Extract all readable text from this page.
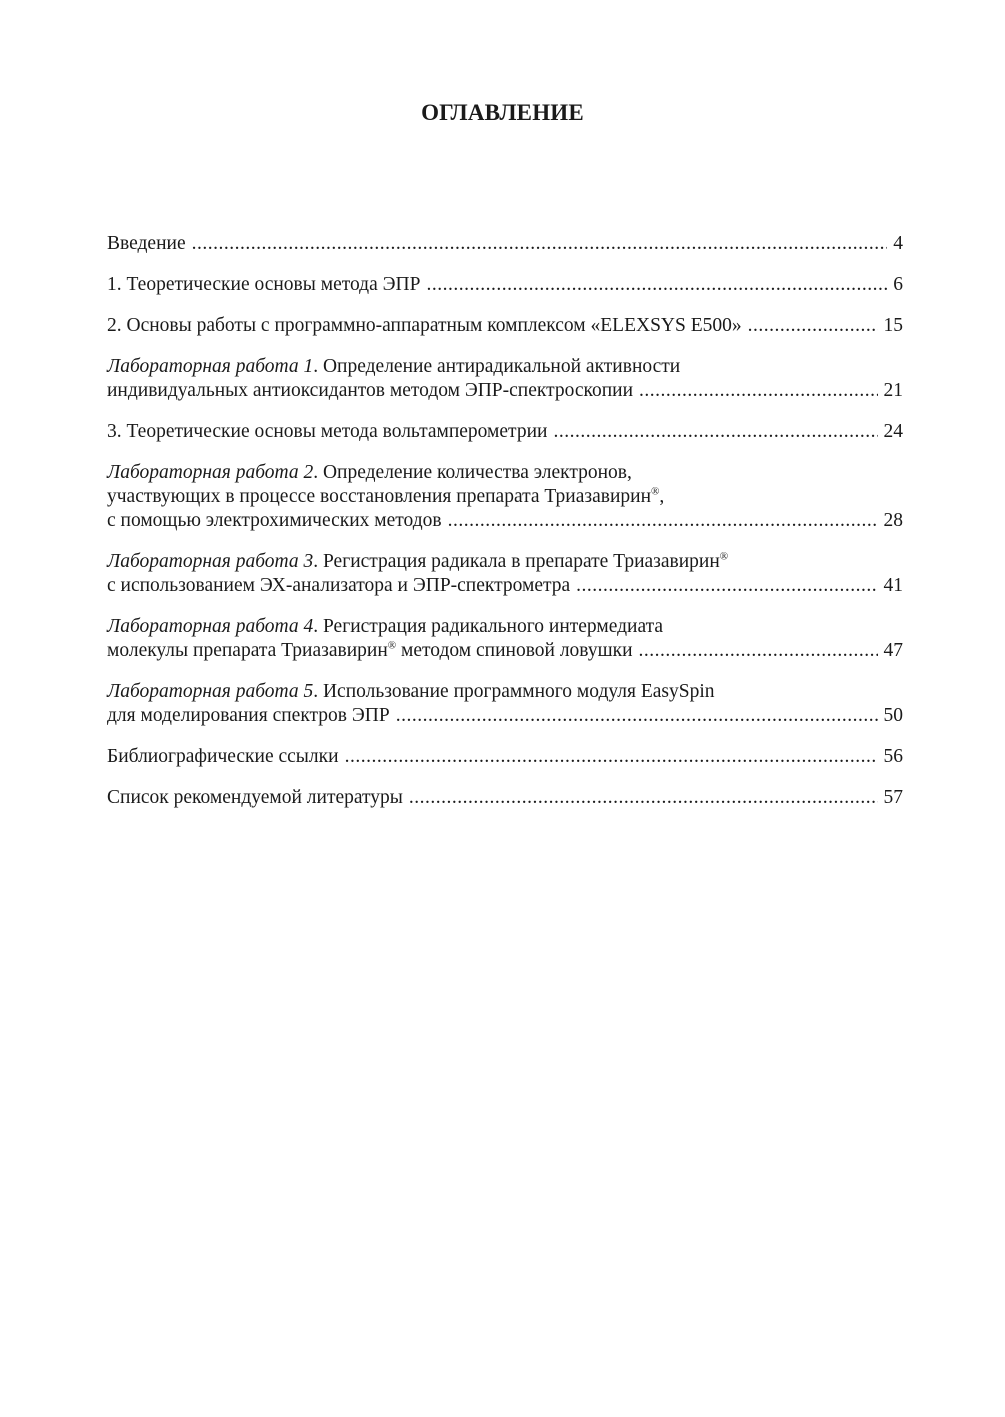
ОГЛАВЛЕНИЕ
Введение .....	4
1. Теоретические основы метода ЭПР .....	6
2. Основы работы с программно-аппаратным комплексом «ELEXSYS E500» .....	15
Лабораторная работа 1. Определение антирадикальной активности
индивидуальных антиоксидантов методом ЭПР-спектроскопии .....	21
3. Теоретические основы метода вольтамперометрии .....	24
Лабораторная работа 2. Определение количества электронов,
участвующих в процессе восстановления препарата Триазавирин®,
с помощью электрохимических методов .....	28
Лабораторная работа 3. Регистрация радикала в препарате Триазавирин®
с использованием ЭХ-анализатора и ЭПР-спектрометра .....	41
Лабораторная работа 4. Регистрация радикального интермедиата
молекулы препарата Триазавирин® методом спиновой ловушки .....	47
Лабораторная работа 5. Использование программного модуля EasySpin
для моделирования спектров ЭПР .....	50
Библиографические ссылки .....	56
Список рекомендуемой литературы .....	57
